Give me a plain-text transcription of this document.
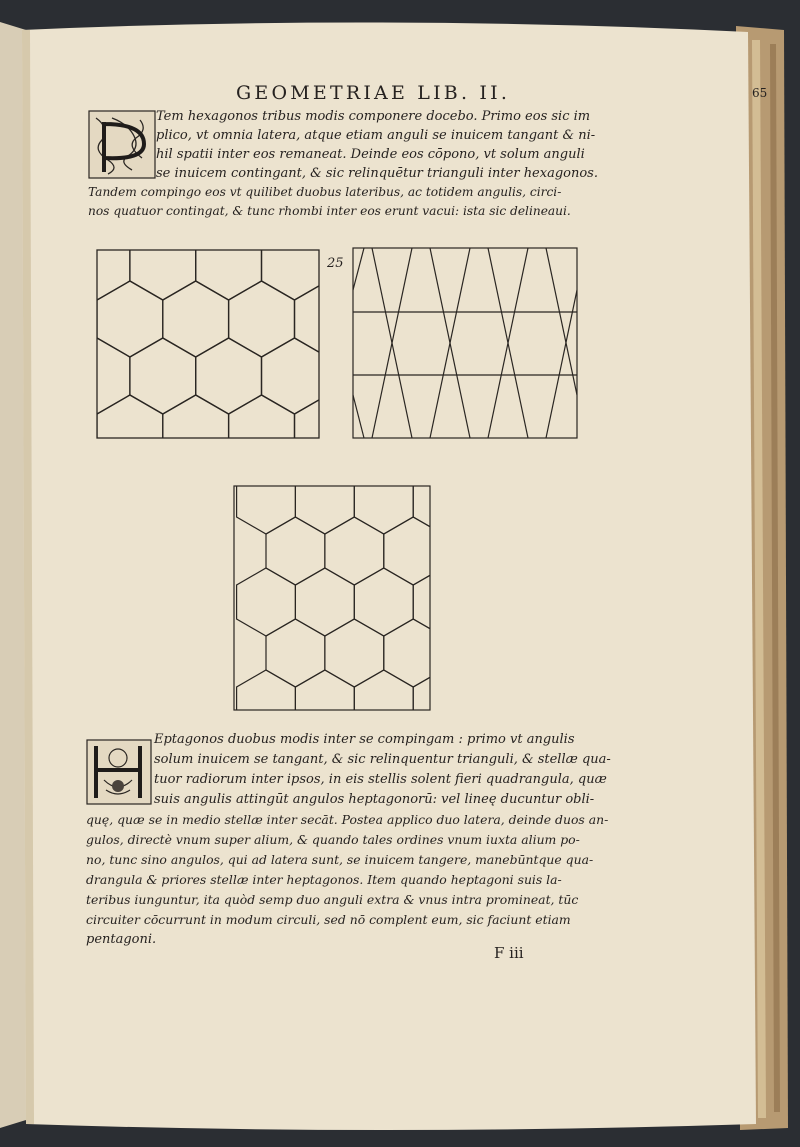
GEOMETRIAE LIB. II.	65

Tem hexagonos tribus modis componere docebo. Primo eos sic im

plico, vt omnia latera, atque etiam anguli se inuicem tangant & ni-

hil spatii inter eos remaneat. Deinde eos cōpono, vt solum anguli

se inuicem contingant, & sic relinquētur trianguli inter hexagonos.

Tandem compingo eos vt quilibet duobus lateribus, ac totidem angulis, circi-

nos quatuor contingat, & tunc rhombi inter eos erunt vacui: ista sic delineaui.

25

Eptagonos duobus modis inter se compingam : primo vt angulis

solum inuicem se tangant, & sic relinquentur trianguli, & stellæ qua-

tuor radiorum inter ipsos, in eis stellis solent fieri quadrangula, quæ

suis angulis attingūt angulos heptagonorū: vel lineę ducuntur obli-

quę, quæ se in medio stellæ inter secāt. Postea applico duo latera, deinde duos an-

gulos, directè vnum super alium, & quando tales ordines vnum iuxta alium po-

no, tunc sino angulos, qui ad latera sunt, se inuicem tangere, manebūntque qua-

drangula & priores stellæ inter heptagonos. Item quando heptagoni suis la-

teribus iunguntur, ita quòd semp duo anguli extra & vnus intra promineat, tūc

circuiter cōcurrunt in modum circuli, sed nō complent eum, sic faciunt etiam

pentagoni.

F iii
